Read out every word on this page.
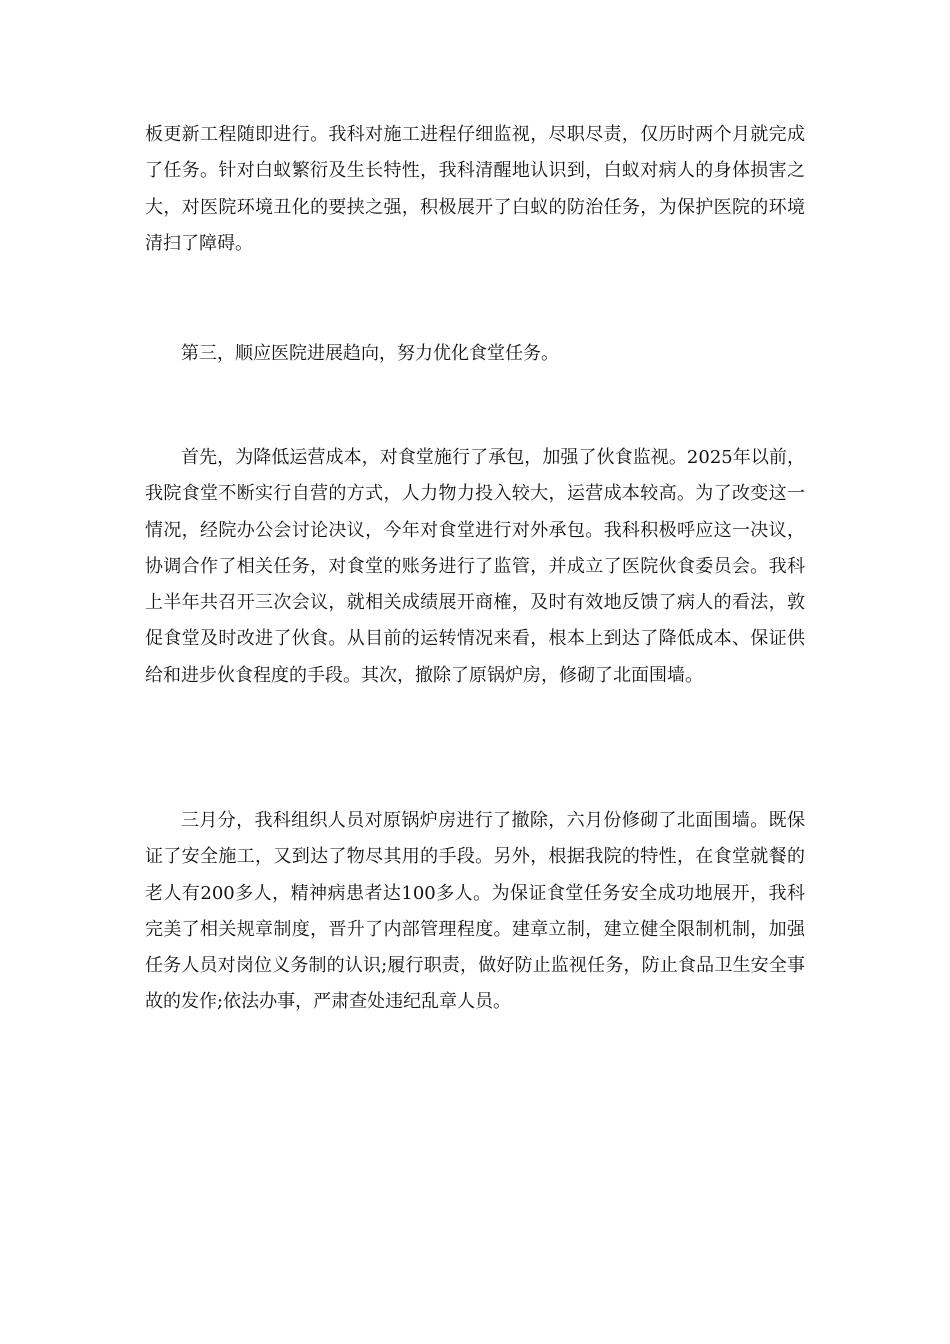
板更新工程随即进行。我科对施工进程仔细监视，尽职尽责，仅历时两个月就完成了任务。针对白蚁繁衍及生长特性，我科清醒地认识到，白蚁对病人的身体损害之大，对医院环境丑化的要挟之强，积极展开了白蚁的防治任务，为保护医院的环境清扫了障碍。

第三，顺应医院进展趋向，努力优化食堂任务。

首先，为降低运营成本，对食堂施行了承包，加强了伙食监视。2025年以前，我院食堂不断实行自营的方式，人力物力投入较大，运营成本较高。为了改变这一情况，经院办公会讨论决议，今年对食堂进行对外承包。我科积极呼应这一决议，协调合作了相关任务，对食堂的账务进行了监管，并成立了医院伙食委员会。我科上半年共召开三次会议，就相关成绩展开商榷，及时有效地反馈了病人的看法，敦促食堂及时改进了伙食。从目前的运转情况来看，根本上到达了降低成本、保证供给和进步伙食程度的手段。其次，撤除了原锅炉房，修砌了北面围墙。

三月分，我科组织人员对原锅炉房进行了撤除，六月份修砌了北面围墙。既保证了安全施工，又到达了物尽其用的手段。另外，根据我院的特性，在食堂就餐的老人有200多人，精神病患者达100多人。为保证食堂任务安全成功地展开，我科完美了相关规章制度，晋升了内部管理程度。建章立制，建立健全限制机制，加强任务人员对岗位义务制的认识;履行职责，做好防止监视任务，防止食品卫生安全事故的发作;依法办事，严肃查处违纪乱章人员。
